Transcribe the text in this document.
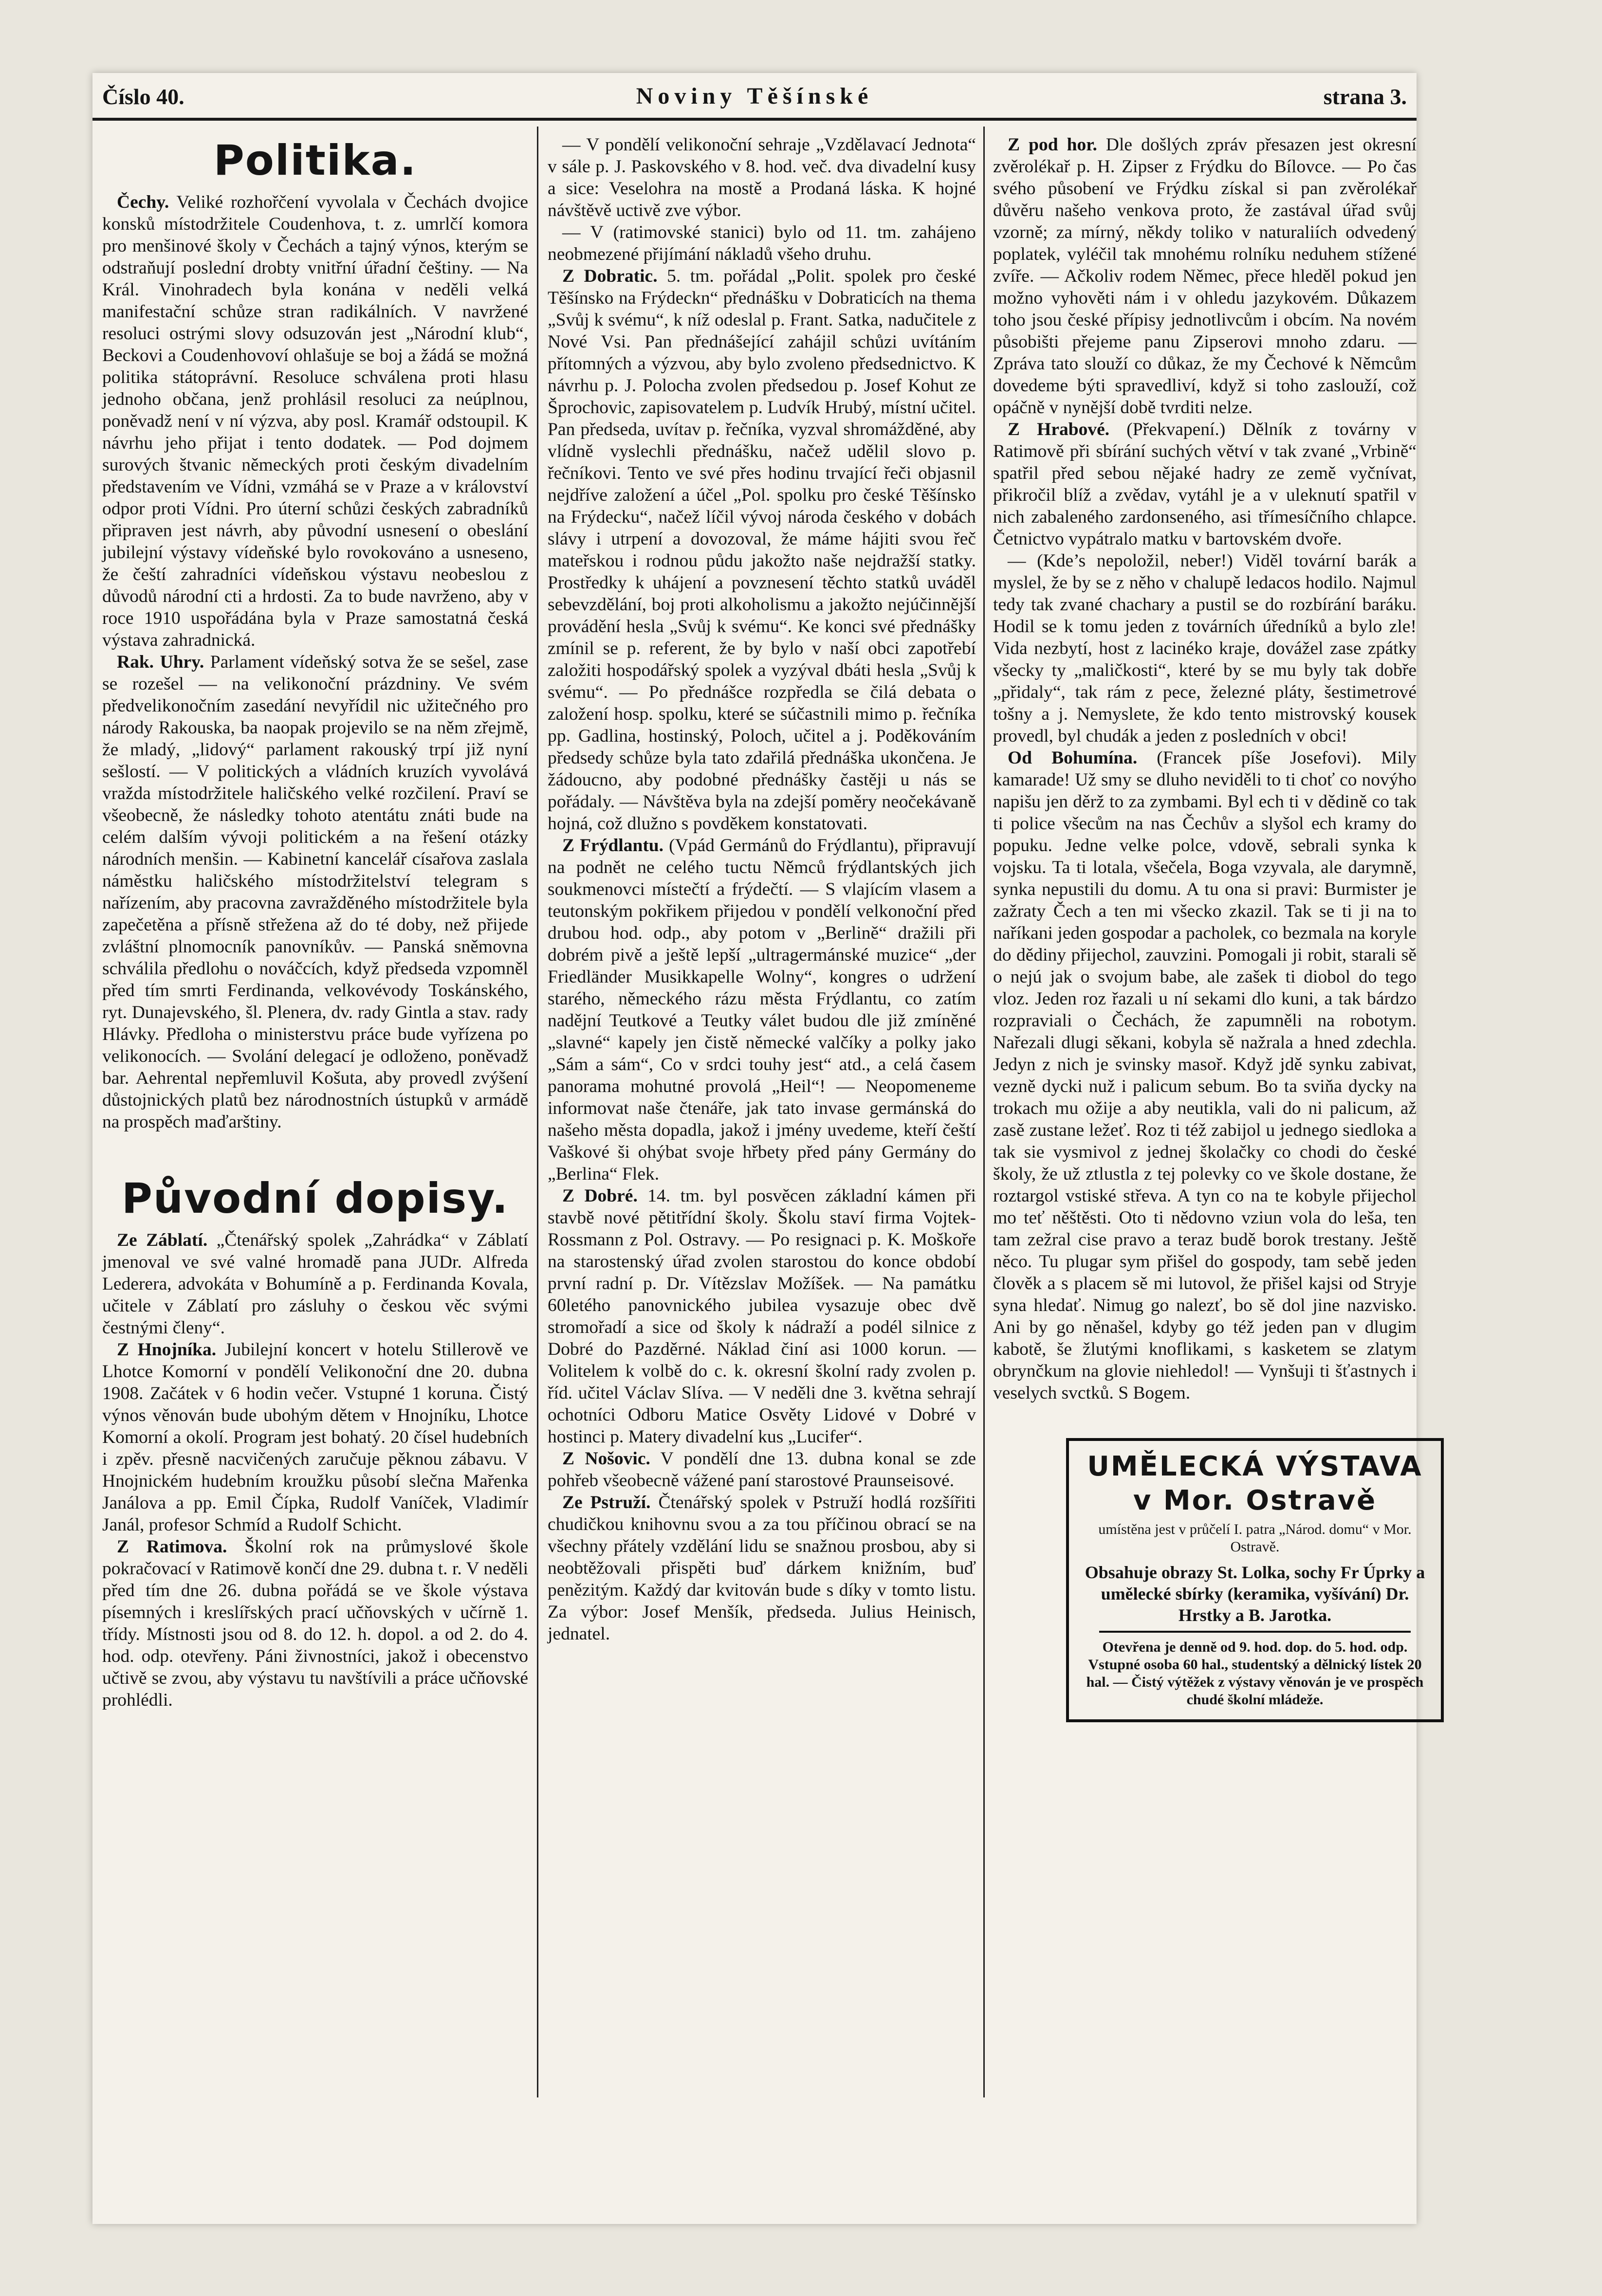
Číslo 40.	Noviny Těšínské	strana 3.
Politika.

Čechy. Veliké rozhořčení vyvolala v Čechách dvojice konsků místodržitele Coudenhova, t. z. umrlčí komora pro menšinové školy v Čechách a tajný výnos, kterým se odstraňují poslední drobty vnitřní úřadní češtiny. — Na Král. Vinohradech byla konána v neděli velká manifestační schůze stran radikálních. V navržené resoluci ostrými slovy odsuzován jest „Národní klub“, Beckovi a Coudenhovoví ohlašuje se boj a žádá se možná politika státoprávní. Resoluce schválena proti hlasu jednoho občana, jenž prohlásil resoluci za neúplnou, poněvadž není v ní výzva, aby posl. Kramář odstoupil. K návrhu jeho přijat i tento dodatek. — Pod dojmem surových štvanic německých proti českým divadelním představením ve Vídni, vzmáhá se v Praze a v království odpor proti Vídni. Pro úterní schůzi českých zabradníků připraven jest návrh, aby původní usnesení o obeslání jubilejní výstavy vídeňské bylo rovokováno a usneseno, že čeští zahradníci vídeňskou výstavu neobeslou z důvodů národní cti a hrdosti. Za to bude navrženo, aby v roce 1910 uspořádána byla v Praze samostatná česká výstava zahradnická.

Rak. Uhry. Parlament vídeňský sotva že se sešel, zase se rozešel — na velikonoční prázdniny. Ve svém předvelikonočním zasedání nevyřídil nic užitečného pro národy Rakouska, ba naopak projevilo se na něm zřejmě, že mladý, „lidový“ parlament rakouský trpí již nyní sešlostí. — V politických a vládních kruzích vyvolává vražda místodržitele haličského velké rozčilení. Praví se všeobecně, že následky tohoto atentátu znáti bude na celém dalším vývoji politickém a na řešení otázky národních menšin. — Kabinetní kancelář císařova zaslala náměstku haličského místodržitelství telegram s nařízením, aby pracovna zavražděného místodržitele byla zapečetěna a přísně střežena až do té doby, než přijede zvláštní plnomocník panovníkův. — Panská sněmovna schválila předlohu o nováčcích, když předseda vzpomněl před tím smrti Ferdinanda, velkovévody Toskánského, ryt. Dunajevského, šl. Plenera, dv. rady Gintla a stav. rady Hlávky. Předloha o ministerstvu práce bude vyřízena po velikonocích. — Svolání delegací je odloženo, poněvadž bar. Aehrental nepřemluvil Košuta, aby provedl zvýšení důstojnických platů bez národnostních ústupků v armádě na prospěch maďarštiny.

Původní dopisy.

Ze Záblatí. „Čtenářský spolek „Zahrádka“ v Záblatí jmenoval ve své valné hromadě pana JUDr. Alfreda Lederera, advokáta v Bohumíně a p. Ferdinanda Kovala, učitele v Záblatí pro zásluhy o českou věc svými čestnými členy“.

Z Hnojníka. Jubilejní koncert v hotelu Stillerově ve Lhotce Komorní v pondělí Velikonoční dne 20. dubna 1908. Začátek v 6 hodin večer. Vstupné 1 koruna. Čistý výnos věnován bude ubohým dětem v Hnojníku, Lhotce Komorní a okolí. Program jest bohatý. 20 čísel hudebních i zpěv. přesně nacvičených zaručuje pěknou zábavu. V Hnojnickém hudebním kroužku působí slečna Mařenka Janálova a pp. Emil Čípka, Rudolf Vaníček, Vladimír Janál, profesor Schmíd a Rudolf Schicht.

Z Ratimova. Školní rok na průmyslové škole pokračovací v Ratimově končí dne 29. dubna t. r. V neděli před tím dne 26. dubna pořádá se ve škole výstava písemných i kreslířských prací učňovských v učírně 1. třídy. Místnosti jsou od 8. do 12. h. dopol. a od 2. do 4. hod. odp. otevřeny. Páni živnostníci, jakož i obecenstvo učtivě se zvou, aby výstavu tu navštívili a práce učňovské prohlédli.

— V pondělí velikonoční sehraje „Vzdělavací Jednota“ v sále p. J. Paskovského v 8. hod. več. dva divadelní kusy a sice: Veselohra na mostě a Prodaná láska. K hojné návštěvě uctivě zve výbor.

— V (ratimovské stanici) bylo od 11. tm. zahájeno neobmezené přijímání nákladů všeho druhu.

Z Dobratic. 5. tm. pořádal „Polit. spolek pro české Těšínsko na Frýdeckn“ přednášku v Dobraticích na thema „Svůj k svému“, k níž odeslal p. Frant. Satka, nadučitele z Nové Vsi. Pan přednášející zahájil schůzi uvítáním přítomných a výzvou, aby bylo zvoleno předsednictvo. K návrhu p. J. Polocha zvolen předsedou p. Josef Kohut ze Šprochovic, zapisovatelem p. Ludvík Hrubý, místní učitel. Pan předseda, uvítav p. řečníka, vyzval shromážděné, aby vlídně vyslechli přednášku, načež udělil slovo p. řečníkovi. Tento ve své přes hodinu trvající řeči objasnil nejdříve založení a účel „Pol. spolku pro české Těšínsko na Frýdecku“, načež líčil vývoj národa českého v dobách slávy i utrpení a dovozoval, že máme hájiti svou řeč mateřskou i rodnou půdu jakožto naše nejdražší statky. Prostředky k uhájení a povznesení těchto statků uváděl sebevzdělání, boj proti alkoholismu a jakožto nejúčinnější provádění hesla „Svůj k svému“. Ke konci své přednášky zmínil se p. referent, že by bylo v naší obci zapotřebí založiti hospodářský spolek a vyzýval dbáti hesla „Svůj k svému“. — Po přednášce rozpředla se čilá debata o založení hosp. spolku, které se súčastnili mimo p. řečníka pp. Gadlina, hostinský, Poloch, učitel a j. Poděkováním předsedy schůze byla tato zdařilá přednáška ukončena. Je žádoucno, aby podobné přednášky častěji u nás se pořádaly. — Návštěva byla na zdejší poměry neočekávaně hojná, což dlužno s povděkem konstatovati.

Z Frýdlantu. (Vpád Germánů do Frýdlantu), připravují na podnět ne celého tuctu Němců frýdlantských jich soukmenovci místečtí a frýdečtí. — S vlajícím vlasem a teutonským pokřikem přijedou v pondělí velkonoční před drubou hod. odp., aby potom v „Berlině“ dražili při dobrém pivě a ještě lepší „ultragermánské muzice“ „der Friedländer Musikkapelle Wolny“, kongres o udržení starého, německého rázu města Frýdlantu, co zatím nadějní Teutkové a Teutky válet budou dle již zmíněné „slavné“ kapely jen čistě německé valčíky a polky jako „Sám a sám“, Co v srdci touhy jest“ atd., a celá časem panorama mohutné provolá „Heil“! — Neopomeneme informovat naše čtenáře, jak tato invase germánská do našeho města dopadla, jakož i jmény uvedeme, kteří čeští Vaškové ši ohýbat svoje hřbety před pány Germány do „Berlina“ Flek.

Z Dobré. 14. tm. byl posvěcen základní kámen při stavbě nové pětitřídní školy. Školu staví firma Vojtek-Rossmann z Pol. Ostravy. — Po resignaci p. K. Moškoře na starostenský úřad zvolen starostou do konce období první radní p. Dr. Vítězslav Možíšek. — Na památku 60letého panovnického jubilea vysazuje obec dvě stromořadí a sice od školy k nádraží a podél silnice z Dobré do Pazděrné. Náklad činí asi 1000 korun. — Volitelem k volbě do c. k. okresní školní rady zvolen p. říd. učitel Václav Slíva. — V neděli dne 3. května sehrají ochotníci Odboru Matice Osvěty Lidové v Dobré v hostinci p. Matery divadelní kus „Lucifer“.

Z Nošovic. V pondělí dne 13. dubna konal se zde pohřeb všeobecně vážené paní starostové Praunseisové.

Ze Pstruží. Čtenářský spolek v Pstruží hodlá rozšířiti chudičkou knihovnu svou a za tou příčinou obrací se na všechny přátely vzdělání lidu se snažnou prosbou, aby si neobtěžovali přispěti buď dárkem knižním, buď penězitým. Každý dar kvitován bude s díky v tomto listu. Za výbor: Josef Menšík, předseda. Julius Heinisch, jednatel.

Z pod hor. Dle došlých zpráv přesazen jest okresní zvěrolékař p. H. Zipser z Frýdku do Bílovce. — Po čas svého působení ve Frýdku získal si pan zvěrolékař důvěru našeho venkova proto, že zastával úřad svůj vzorně; za mírný, někdy toliko v naturaliích odvedený poplatek, vyléčil tak mnohému rolníku neduhem stížené zvíře. — Ačkoliv rodem Němec, přece hleděl pokud jen možno vyhověti nám i v ohledu jazykovém. Důkazem toho jsou české přípisy jednotlivcům i obcím. Na novém působišti přejeme panu Zipserovi mnoho zdaru. — Zpráva tato slouží co důkaz, že my Čechové k Němcům dovedeme býti spravedliví, když si toho zaslouží, což opáčně v nynější době tvrditi nelze.

Z Hrabové. (Překvapení.) Dělník z továrny v Ratimově při sbírání suchých větví v tak zvané „Vrbině“ spatřil před sebou nějaké hadry ze země vyčnívat, přikročil blíž a zvědav, vytáhl je a v uleknutí spatřil v nich zabaleného zardonseného, asi třímesíčního chlapce. Četnictvo vypátralo matku v bartovském dvoře.

— (Kde’s nepoložil, neber!) Viděl tovární barák a myslel, že by se z něho v chalupě ledacos hodilo. Najmul tedy tak zvané chachary a pustil se do rozbírání baráku. Hodil se k tomu jeden z továrních úředníků a bylo zle! Vida nezbytí, host z lacinéko kraje, dovážel zase zpátky všecky ty „maličkosti“, které by se mu byly tak dobře „přidaly“, tak rám z pece, železné pláty, šestimetrové tošny a j. Nemyslete, že kdo tento mistrovský kousek provedl, byl chudák a jeden z posledních v obci!

Od Bohumína. (Francek píše Josefovi). Mily kamarade! Už smy se dluho neviděli to ti choť co novýho napišu jen děrž to za zymbami. Byl ech ti v dědině co tak ti police všecům na nas Čechův a slyšol ech kramy do popuku. Jedne velke polce, vdově, sebrali synka k vojsku. Ta ti lotala, všečela, Boga vzyvala, ale darymně, synka nepustili du domu. A tu ona si pravi: Burmister je zažraty Čech a ten mi všecko zkazil. Tak se ti ji na to naříkani jeden gospodar a pacholek, co bezmala na koryle do dědiny přijechol, zauvzini. Pomogali ji robit, starali sě o nejú jak o svojum babe, ale zašek ti diobol do tego vloz. Jeden roz řazali u ní sekami dlo kuni, a tak bárdzo rozpraviali o Čechách, že zapumněli na robotym. Nařezali dlugi sěkani, kobyla sě nažrala a hned zdechla. Jedyn z nich je svinsky masoř. Když jdě synku zabivat, vezně dycki nuž i palicum sebum. Bo ta sviňa dycky na trokach mu ožije a aby neutikla, vali do ni palicum, až zasě zustane ležeť. Roz ti též zabijol u jednego siedloka a tak sie vysmivol z jednej školačky co chodi do české školy, že už ztlustla z tej polevky co ve škole dostane, že roztargol vstiské střeva. A tyn co na te kobyle přijechol mo teť něštěsti. Oto ti nědovno vziun vola do leša, ten tam zežral cise pravo a teraz budě borok trestany. Ještě něco. Tu plugar sym přišel do gospody, tam sebě jeden člověk a s placem sě mi lutovol, že přišel kajsi od Stryje syna hledať. Nimug go nalezť, bo sě dol jine nazvisko. Ani by go něnašel, kdyby go též jeden pan v dlugim kabotě, še žlutými knoflikami, s kasketem se zlatym obrynčkum na glovie niehledol! — Vynšuji ti šťastnych i veselych svctků. S Bogem.

UMĚLECKÁ VÝSTAVA
v Mor. Ostravě
umístěna jest v průčelí I. patra „Národ. domu“ v Mor. Ostravě.
Obsahuje obrazy St. Lolka, sochy Fr Úprky a umělecké sbírky (keramika, vyšívání) Dr. Hrstky a B. Jarotka.
Otevřena je denně od 9. hod. dop. do 5. hod. odp. Vstupné osoba 60 hal., studentský a dělnický lístek 20 hal. — Čistý výtěžek z výstavy věnován je ve prospěch chudé školní mládeže.
